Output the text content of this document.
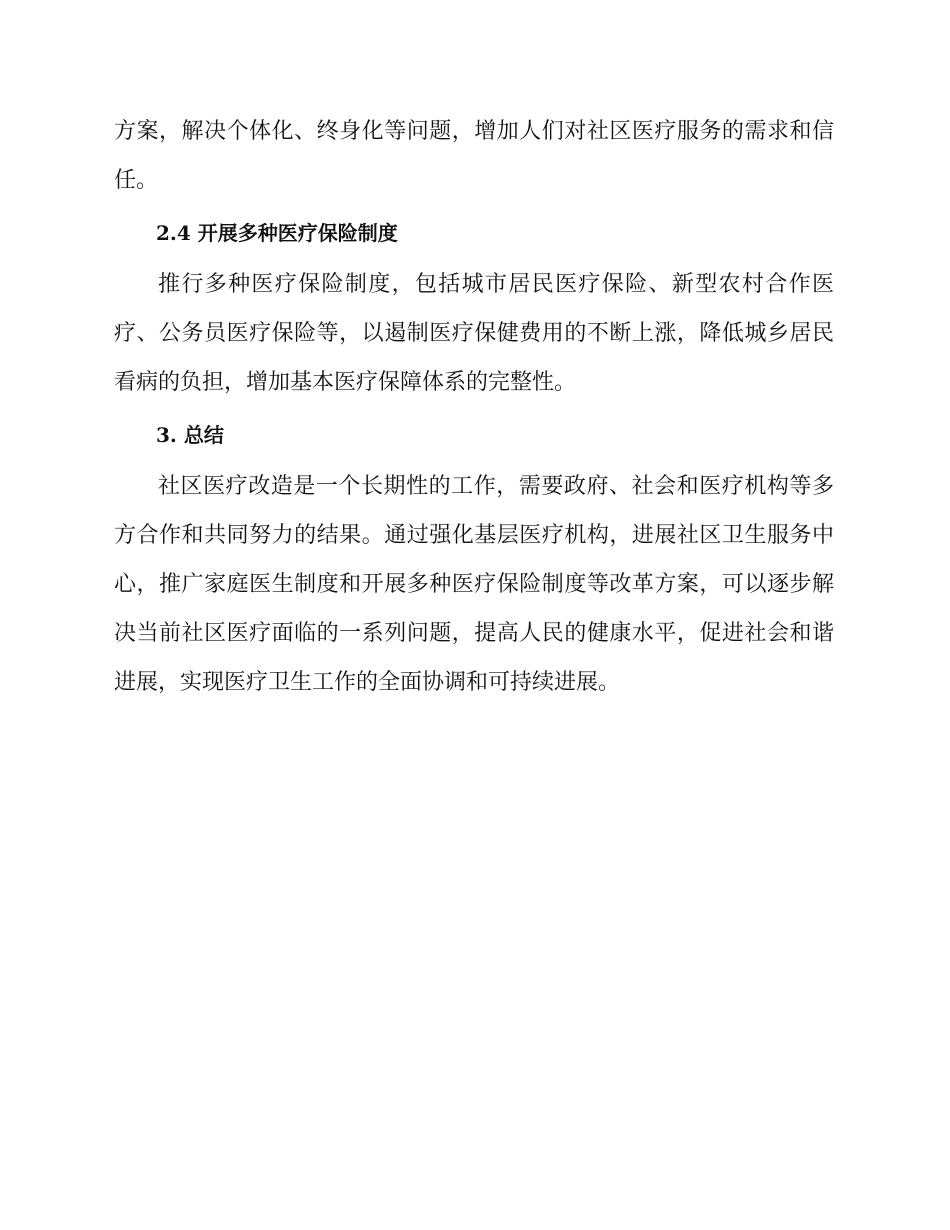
方案，解决个体化、终身化等问题，增加人们对社区医疗服务的需求和信任。

2.4 开展多种医疗保险制度

推行多种医疗保险制度，包括城市居民医疗保险、新型农村合作医疗、公务员医疗保险等，以遏制医疗保健费用的不断上涨，降低城乡居民看病的负担，增加基本医疗保障体系的完整性。

3. 总结

社区医疗改造是一个长期性的工作，需要政府、社会和医疗机构等多方合作和共同努力的结果。通过强化基层医疗机构，进展社区卫生服务中心，推广家庭医生制度和开展多种医疗保险制度等改革方案，可以逐步解决当前社区医疗面临的一系列问题，提高人民的健康水平，促进社会和谐进展，实现医疗卫生工作的全面协调和可持续进展。
